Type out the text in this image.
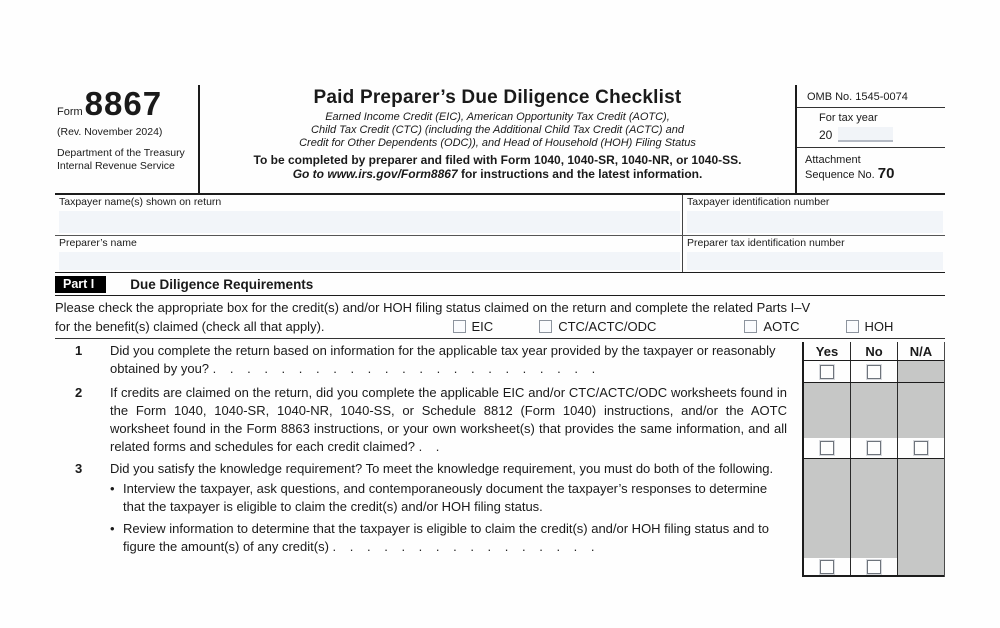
Form 8867
(Rev. November 2024)
Department of the Treasury
Internal Revenue Service
Paid Preparer’s Due Diligence Checklist
Earned Income Credit (EIC), American Opportunity Tax Credit (AOTC),
Child Tax Credit (CTC) (including the Additional Child Tax Credit (ACTC) and
Credit for Other Dependents (ODC)), and Head of Household (HOH) Filing Status
To be completed by preparer and filed with Form 1040, 1040-SR, 1040-NR, or 1040-SS.
Go to www.irs.gov/Form8867 for instructions and the latest information.
OMB No. 1545-0074
For tax year
20
Attachment
Sequence No. 70
Taxpayer name(s) shown on return	Taxpayer identification number
Preparer’s name	Preparer tax identification number
Part I	Due Diligence Requirements
Please check the appropriate box for the credit(s) and/or HOH filing status claimed on the return and complete the related Parts I–V
for the benefit(s) claimed (check all that apply).	EIC	CTC/ACTC/ODC	AOTC	HOH
1	Did you complete the return based on information for the applicable tax year provided by the taxpayer or reasonably obtained by you? . . . . . . . . . . . . . . . . . . . . . . .
2	If credits are claimed on the return, did you complete the applicable EIC and/or CTC/ACTC/ODC worksheets found in the Form 1040, 1040-SR, 1040-NR, 1040-SS, or Schedule 8812 (Form 1040) instructions, and/or the AOTC worksheet found in the Form 8863 instructions, or your own worksheet(s) that provides the same information, and all related forms and schedules for each credit claimed? . .
3	Did you satisfy the knowledge requirement? To meet the knowledge requirement, you must do both of the following.
• Interview the taxpayer, ask questions, and contemporaneously document the taxpayer’s responses to determine that the taxpayer is eligible to claim the credit(s) and/or HOH filing status.
• Review information to determine that the taxpayer is eligible to claim the credit(s) and/or HOH filing status and to figure the amount(s) of any credit(s) . . . . . . . . . . . . . . . .
Yes	No	N/A
